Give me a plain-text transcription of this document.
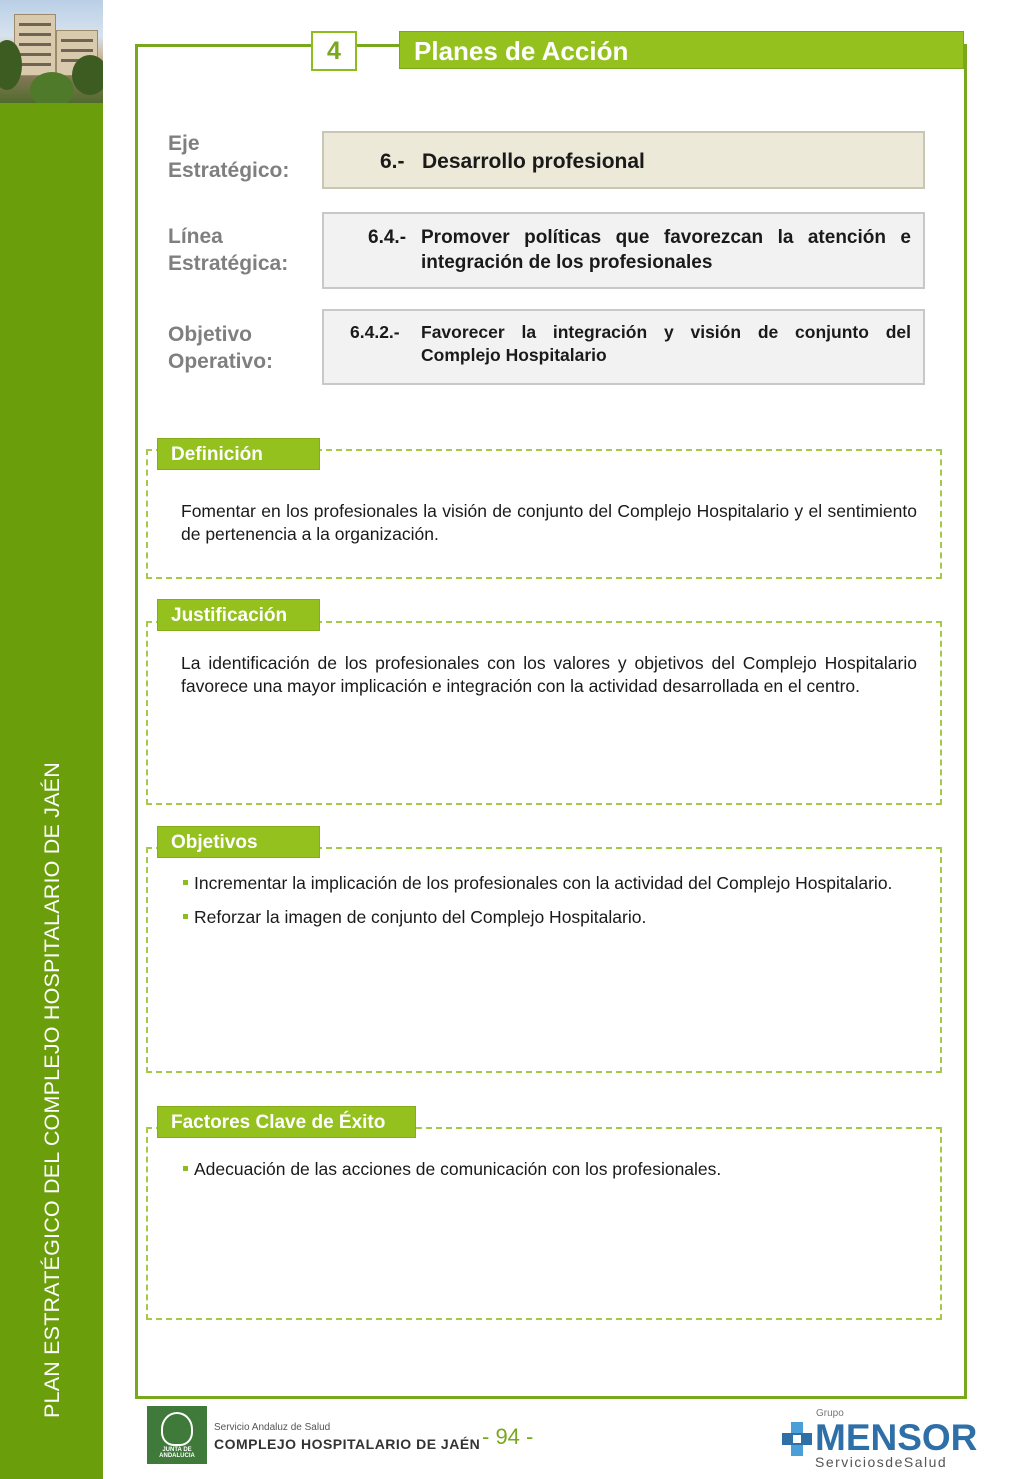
PLAN ESTRATÉGICO DEL COMPLEJO HOSPITALARIO DE JAÉN
4	Planes de Acción
Eje
Estratégico:	6.- Desarrollo profesional
Línea
Estratégica:
6.4.- Promover políticas que favorezcan la atención e integración de los profesionales
Objetivo
Operativo:
6.4.2.-	Favorecer la integración y visión de conjunto del Complejo Hospitalario
Definición
Fomentar en los profesionales la visión de conjunto del Complejo Hospitalario y el sentimiento de pertenencia a la organización.
Justificación
La identificación de los profesionales con los valores y objetivos del Complejo Hospitalario favorece una mayor implicación e integración con la actividad desarrollada en el centro.
Objetivos
Incrementar la implicación de los profesionales con la actividad del Complejo Hospitalario.
Reforzar la imagen de conjunto del Complejo Hospitalario.
Factores Clave de Éxito
Adecuación de las acciones de comunicación con los profesionales.
JUNTA DE ANDALUCIA
Servicio Andaluz de Salud
COMPLEJO HOSPITALARIO DE JAÉN - 94 -
Grupo
MENSOR
ServiciosdeSalud
